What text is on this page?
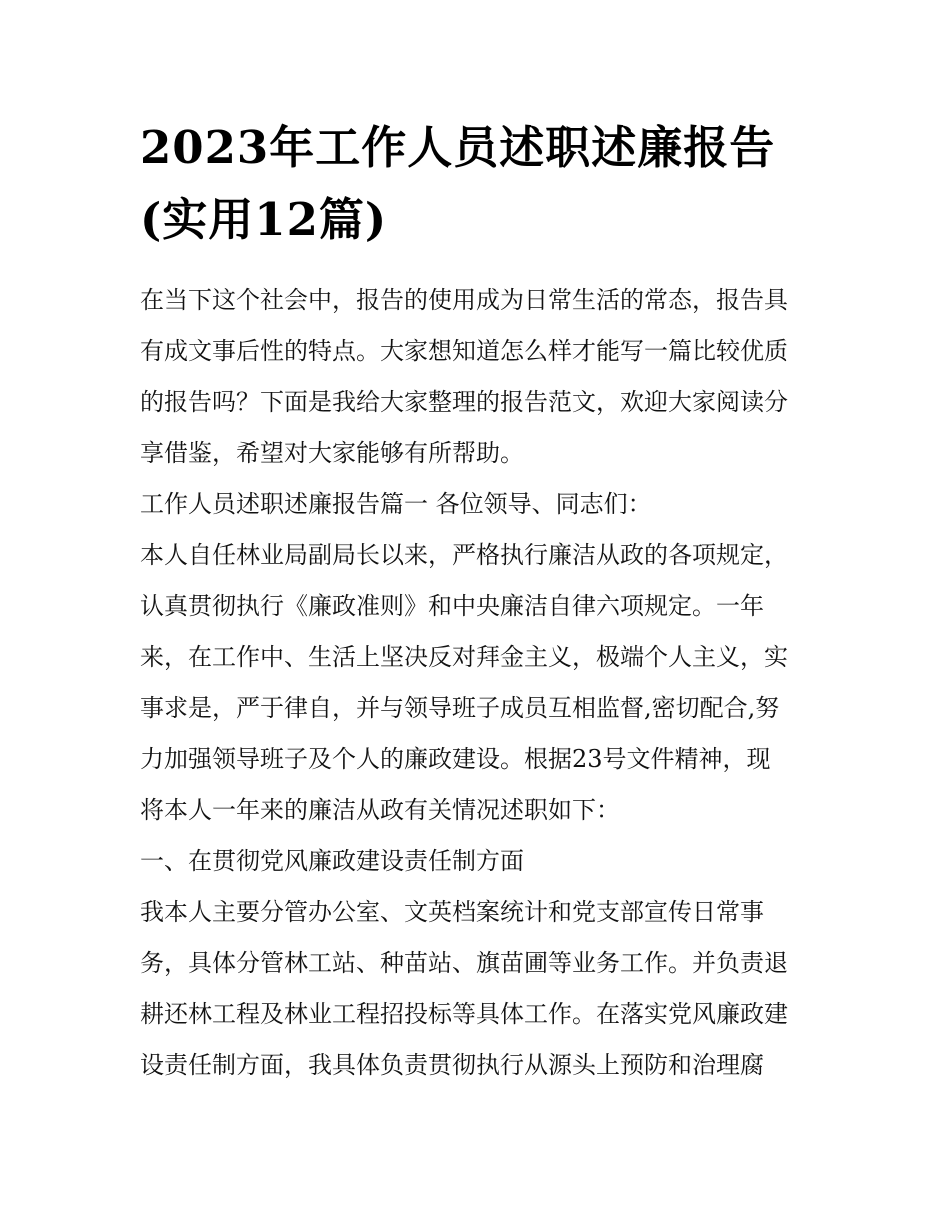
2023年工作人员述职述廉报告
(实用12篇)
在当下这个社会中，报告的使用成为日常生活的常态，报告具
有成文事后性的特点。大家想知道怎么样才能写一篇比较优质
的报告吗？下面是我给大家整理的报告范文，欢迎大家阅读分
享借鉴，希望对大家能够有所帮助。
工作人员述职述廉报告篇一 各位领导、同志们：
本人自任林业局副局长以来，严格执行廉洁从政的各项规定，
认真贯彻执行《廉政准则》和中央廉洁自律六项规定。一年
来，在工作中、生活上坚决反对拜金主义，极端个人主义，实
事求是，严于律自，并与领导班子成员互相监督,密切配合,努
力加强领导班子及个人的廉政建设。根据23号文件精神，现
将本人一年来的廉洁从政有关情况述职如下：
一、在贯彻党风廉政建设责任制方面
我本人主要分管办公室、文英档案统计和党支部宣传日常事
务，具体分管林工站、种苗站、旗苗圃等业务工作。并负责退
耕还林工程及林业工程招投标等具体工作。在落实党风廉政建
设责任制方面，我具体负责贯彻执行从源头上预防和治理腐
